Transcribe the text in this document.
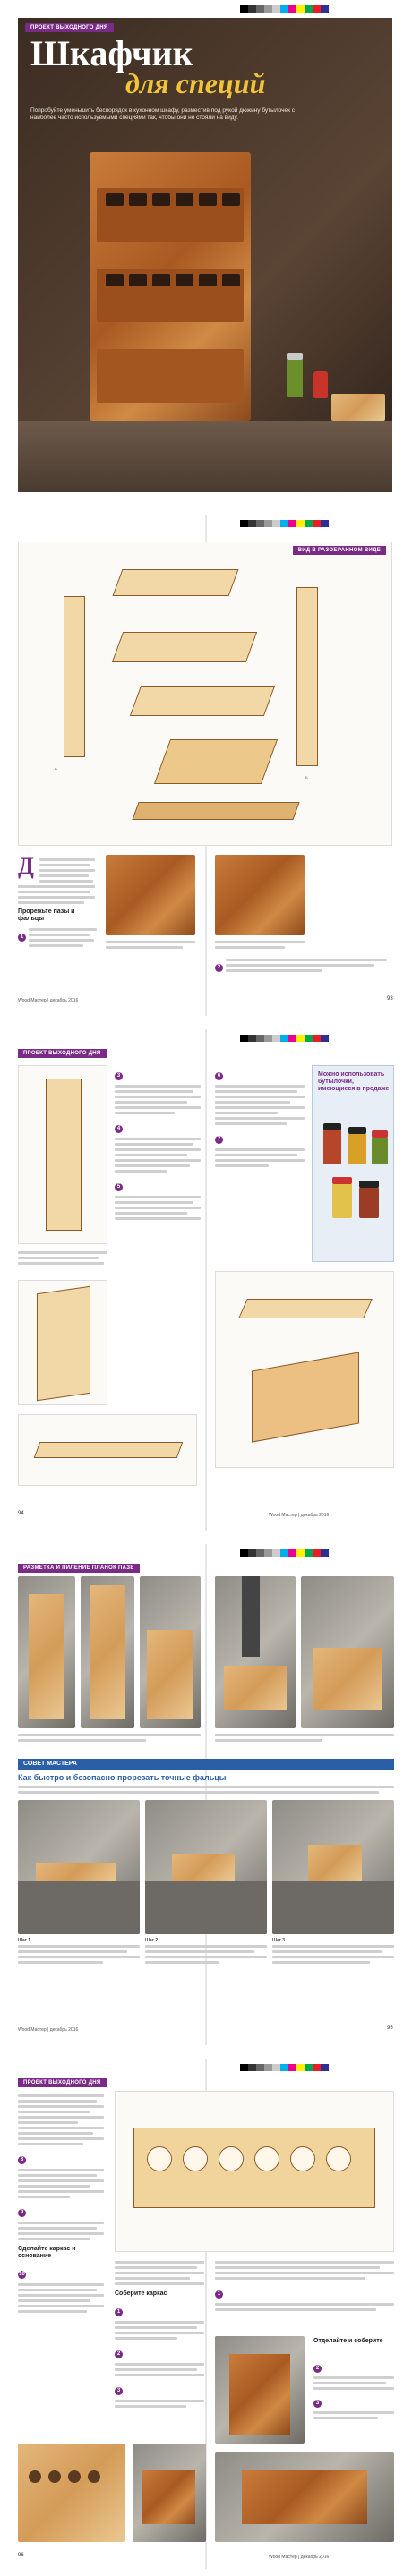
ПРОЕКТ ВЫХОДНОГО ДНЯ
Шкафчик
для специй
Попробуйте уменьшить беспорядок в кухонном шкафу, разместив под рукой дюжину бутылочек с наиболее часто используемыми специями так, чтобы они не стояли на виду.
ВИД В РАЗОБРАННОМ ВИДЕ
А
Б
Д
Прорежьте пазы и фальцы
1
2
Wood Мастер | декабрь 2016	93
ПРОЕКТ ВЫХОДНОГО ДНЯ
3
4
5
6
7
Можно использовать бутылочки, имеющиеся в продаже
94	Wood Мастер | декабрь 2016
РАЗМЕТКА И ПИЛЕНИЕ ПЛАНОК ПАЗЕ
СОВЕТ МАСТЕРА
Как быстро и безопасно прорезать точные фальцы
Шаг 1.	Шаг 2.	Шаг 3.
Wood Мастер | декабрь 2016	95
ПРОЕКТ ВЫХОДНОГО ДНЯ
8
9
Сделайте каркас и основание
10
Соберите каркас
1
2
3
1
Отделайте и соберите
2
3
96	Wood Мастер | декабрь 2016
